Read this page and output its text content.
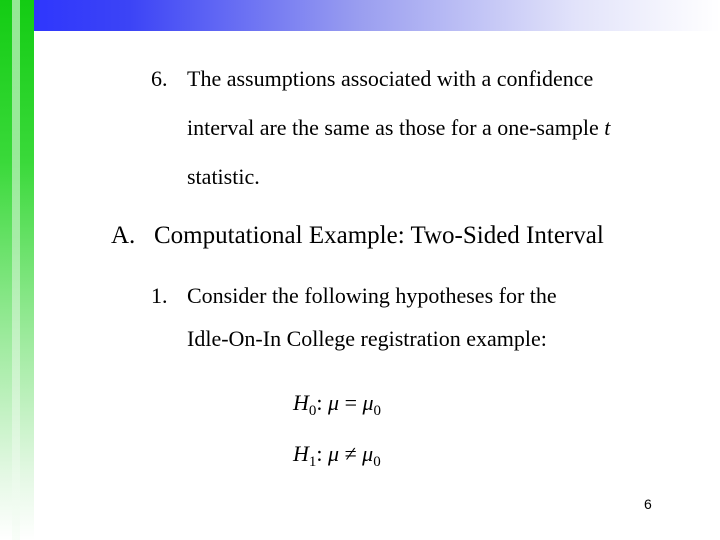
6. The assumptions associated with a confidence
interval are the same as those for a one-sample t
statistic.
A. Computational Example: Two-Sided Interval
1. Consider the following hypotheses for the
Idle-On-In College registration example:
$H_0$: $\mu = \mu_0$
$H_1$: $\mu \ne \mu_0$
6
